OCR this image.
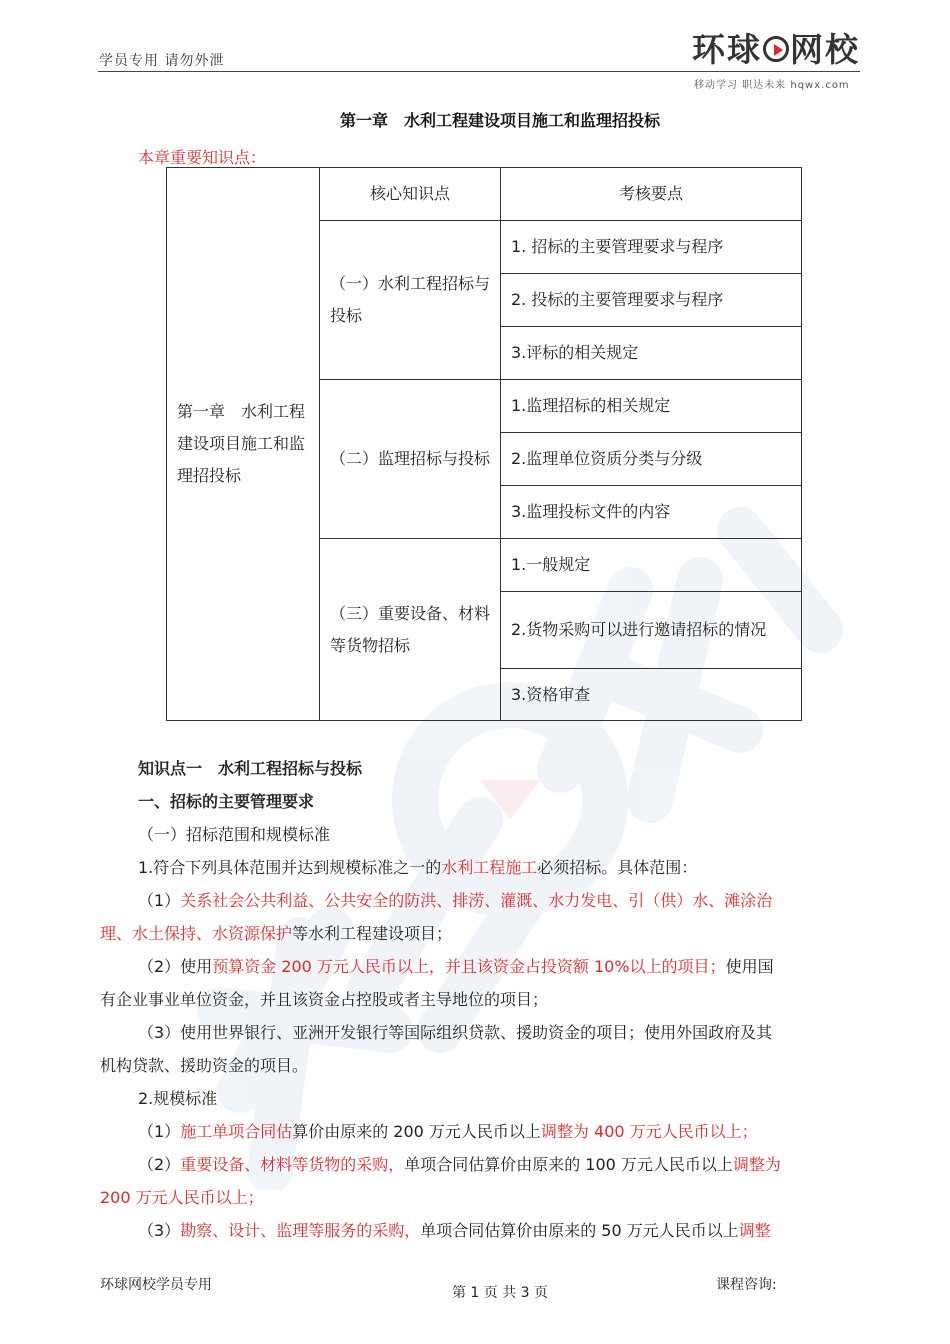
学员专用 请勿外泄	环球 网校
移动学习 职达未来 hqwx.com
第一章　水利工程建设项目施工和监理招投标
本章重要知识点：
第一章　水利工程建设项目施工和监理招投标	核心知识点	考核要点
	（一）水利工程招标与投标	1. 招标的主要管理要求与程序
		2. 投标的主要管理要求与程序
		3.评标的相关规定
	（二）监理招标与投标	1.监理招标的相关规定
		2.监理单位资质分类与分级
		3.监理投标文件的内容
	（三）重要设备、材料等货物招标	1.一般规定
		2.货物采购可以进行邀请招标的情况
		3.资格审查
知识点一　水利工程招标与投标
一、招标的主要管理要求
（一）招标范围和规模标准
1.符合下列具体范围并达到规模标准之一的水利工程施工必须招标。具体范围：
（1）关系社会公共利益、公共安全的防洪、排涝、灌溉、水力发电、引（供）水、滩涂治
理、水土保持、水资源保护等水利工程建设项目；
（2）使用预算资金 200 万元人民币以上，并且该资金占投资额 10%以上的项目；使用国
有企业事业单位资金，并且该资金占控股或者主导地位的项目；
（3）使用世界银行、亚洲开发银行等国际组织贷款、援助资金的项目；使用外国政府及其
机构贷款、援助资金的项目。
2.规模标准
（1）施工单项合同估算价由原来的 200 万元人民币以上调整为 400 万元人民币以上；
（2）重要设备、材料等货物的采购，单项合同估算价由原来的 100 万元人民币以上调整为
200 万元人民币以上；
（3）勘察、设计、监理等服务的采购，单项合同估算价由原来的 50 万元人民币以上调整
环球网校学员专用	第 1 页 共 3 页	课程咨询:
